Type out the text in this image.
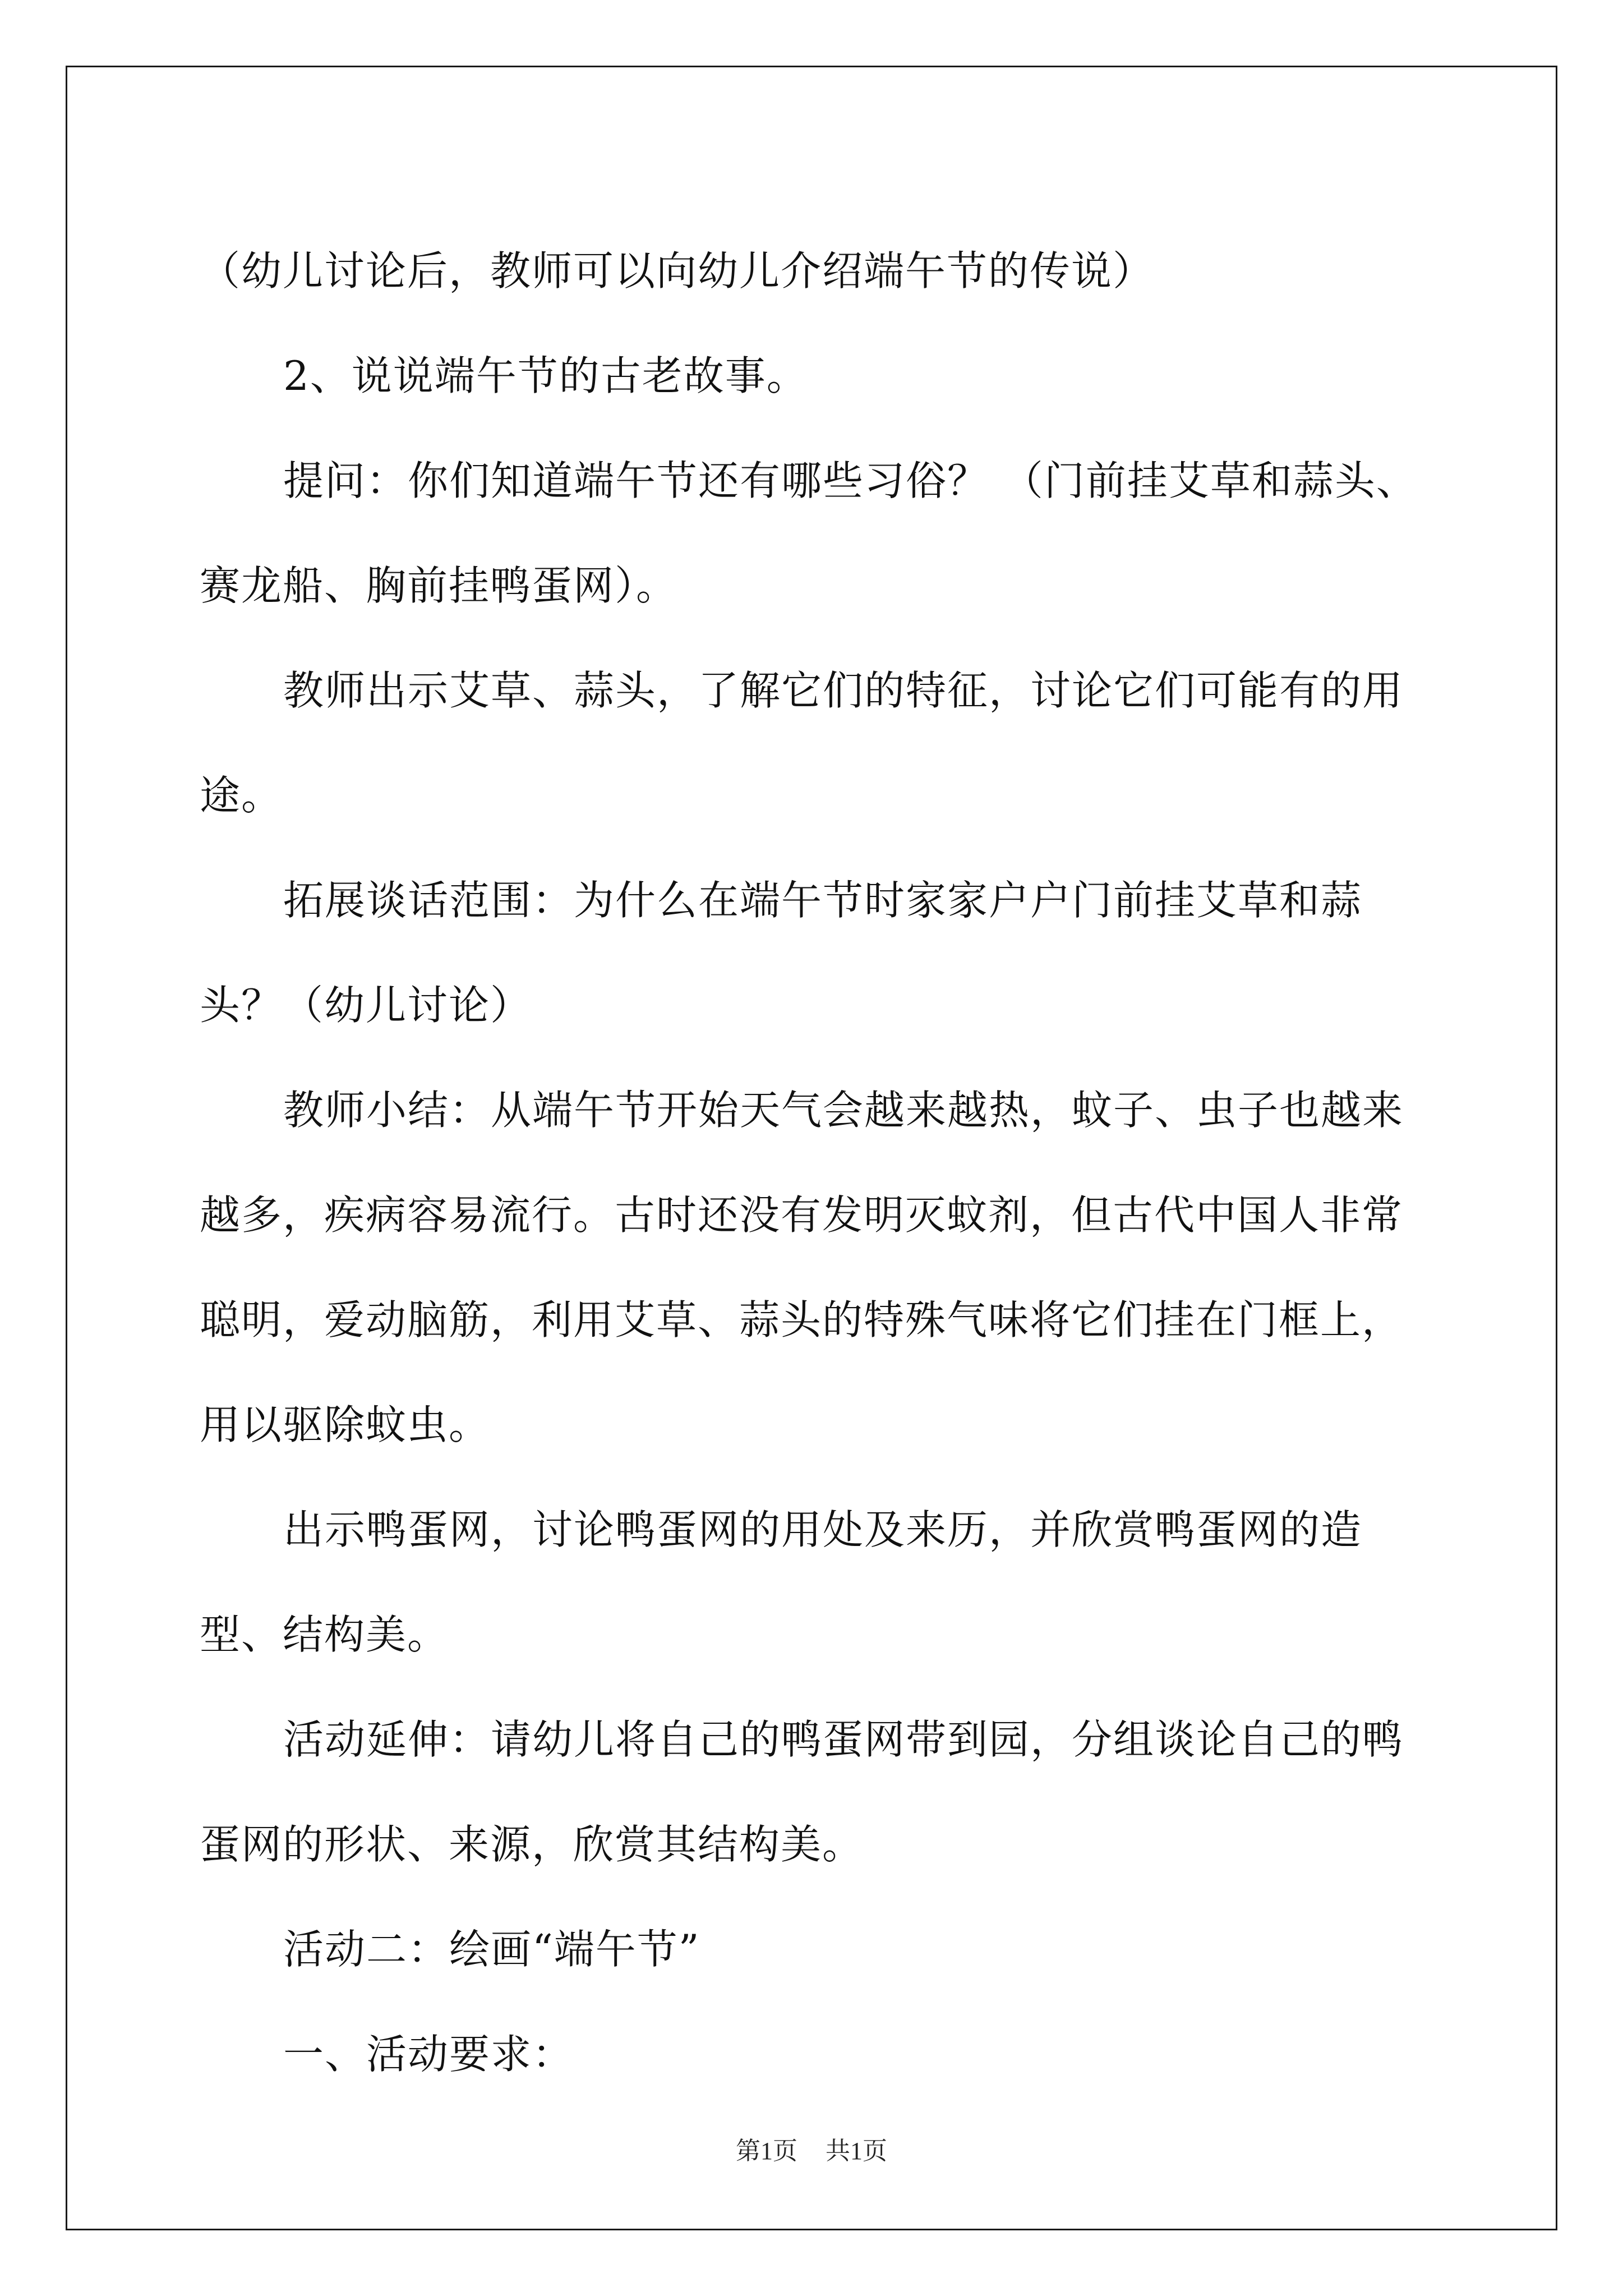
（幼儿讨论后，教师可以向幼儿介绍端午节的传说）

2、说说端午节的古老故事。

提问：你们知道端午节还有哪些习俗？ （门前挂艾草和蒜头、赛龙船、胸前挂鸭蛋网）。

教师出示艾草、蒜头，了解它们的特征，讨论它们可能有的用途。

拓展谈话范围：为什么在端午节时家家户户门前挂艾草和蒜头？（幼儿讨论）

教师小结：从端午节开始天气会越来越热，蚊子、虫子也越来越多，疾病容易流行。古时还没有发明灭蚊剂，但古代中国人非常聪明，爱动脑筋，利用艾草、蒜头的特殊气味将它们挂在门框上，用以驱除蚊虫。

出示鸭蛋网，讨论鸭蛋网的用处及来历，并欣赏鸭蛋网的造型、结构美。

活动延伸：请幼儿将自己的鸭蛋网带到园，分组谈论自己的鸭蛋网的形状、来源，欣赏其结构美。

活动二：绘画“端午节”

一、活动要求：

第1页 共1页
